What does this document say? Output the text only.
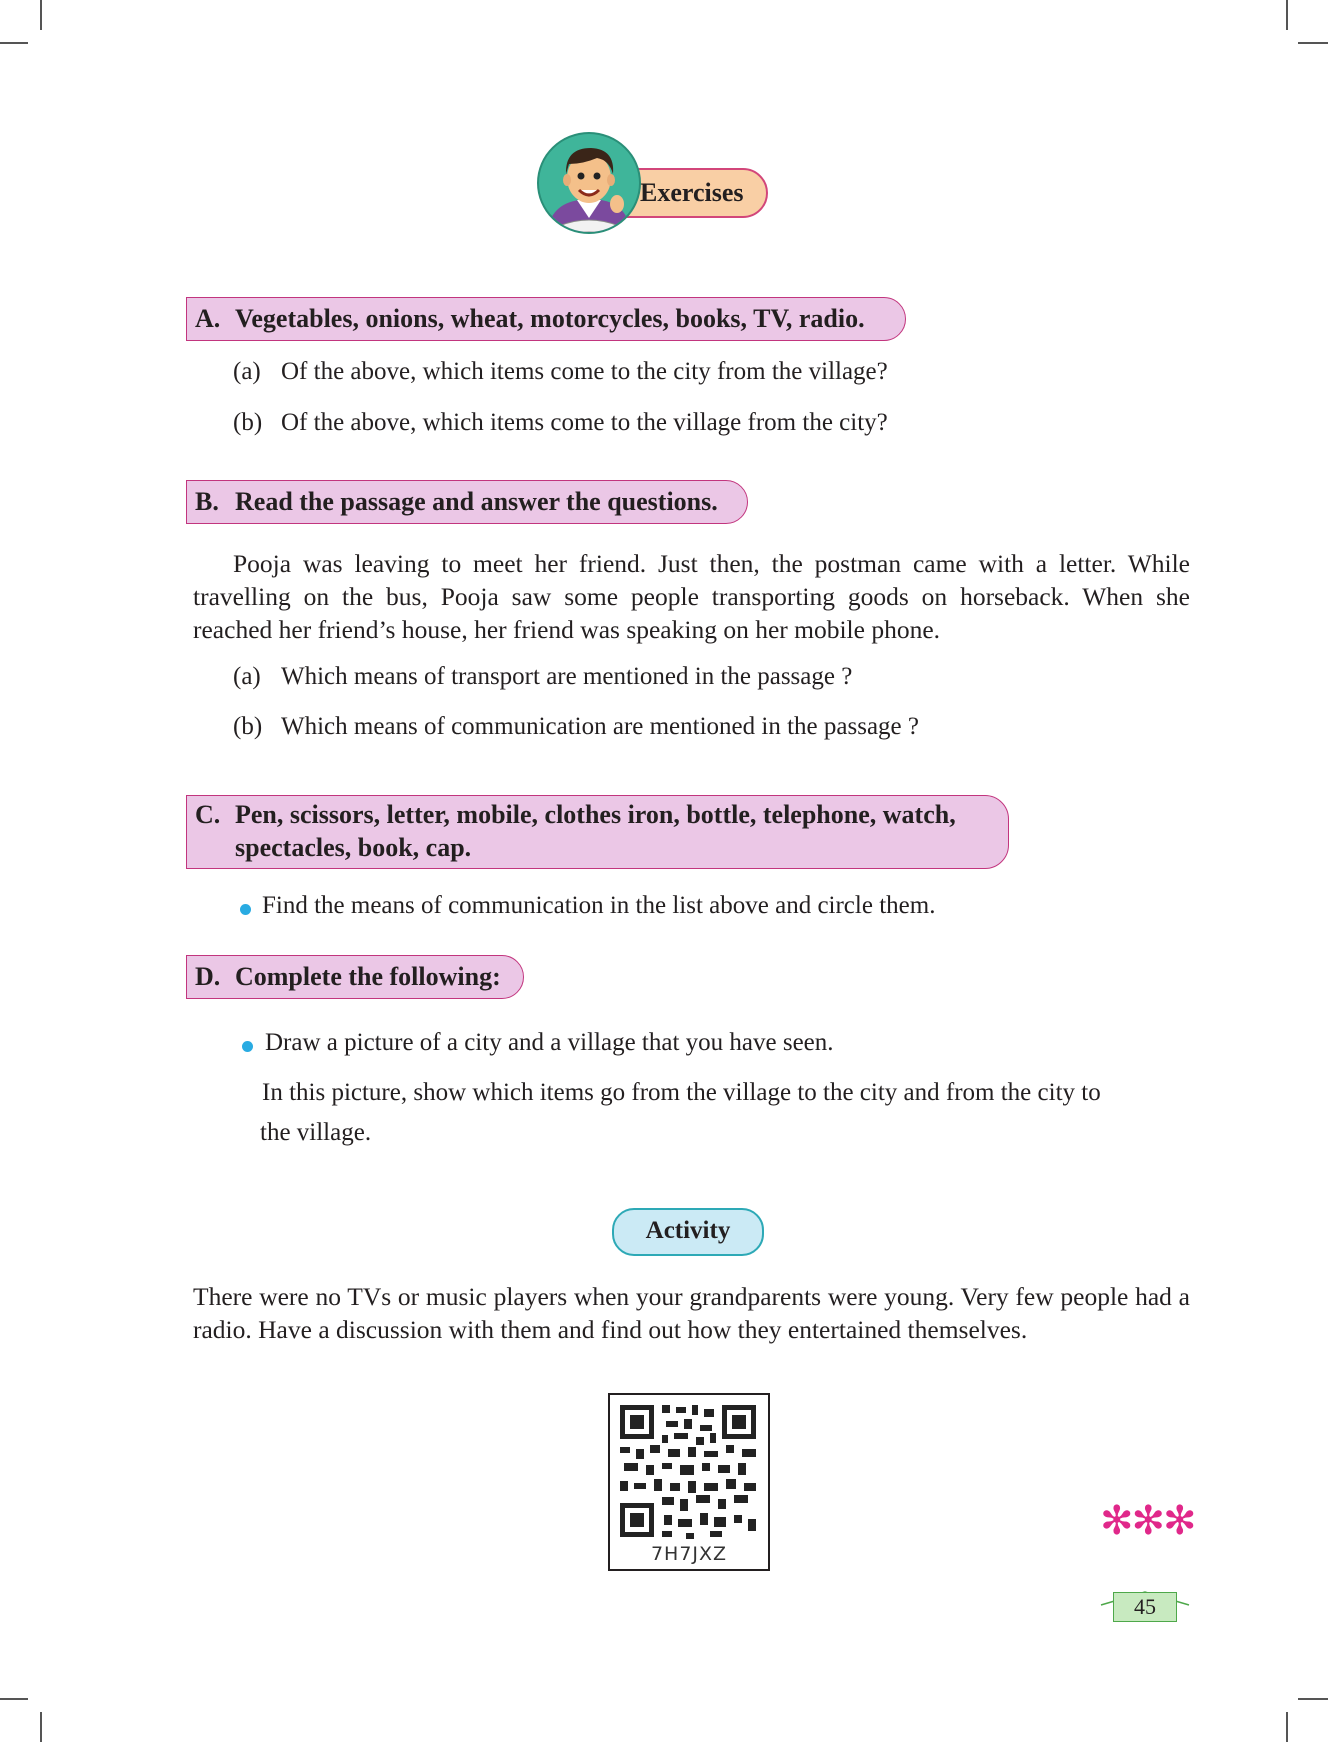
Exercises
A. Vegetables, onions, wheat, motorcycles, books, TV, radio.
(a) Of the above, which items come to the city from the village?
(b) Of the above, which items come to the village from the city?
B. Read the passage and answer the questions.
Pooja was leaving to meet her friend. Just then, the postman came with a letter. While travelling on the bus, Pooja saw some people transporting goods on horseback. When she reached her friend’s house, her friend was speaking on her mobile phone.
(a) Which means of transport are mentioned in the passage ?
(b) Which means of communication are mentioned in the passage ?
C. Pen, scissors, letter, mobile, clothes iron, bottle, telephone, watch,
spectacles, book, cap.
Find the means of communication in the list above and circle them.
D. Complete the following:
Draw a picture of a city and a village that you have seen.
In this picture, show which items go from the village to the city and from the city to
the village.
Activity
There were no TVs or music players when your grandparents were young. Very few people had a radio. Have a discussion with them and find out how they entertained themselves.
7H7JXZ
✻✻✻
45
